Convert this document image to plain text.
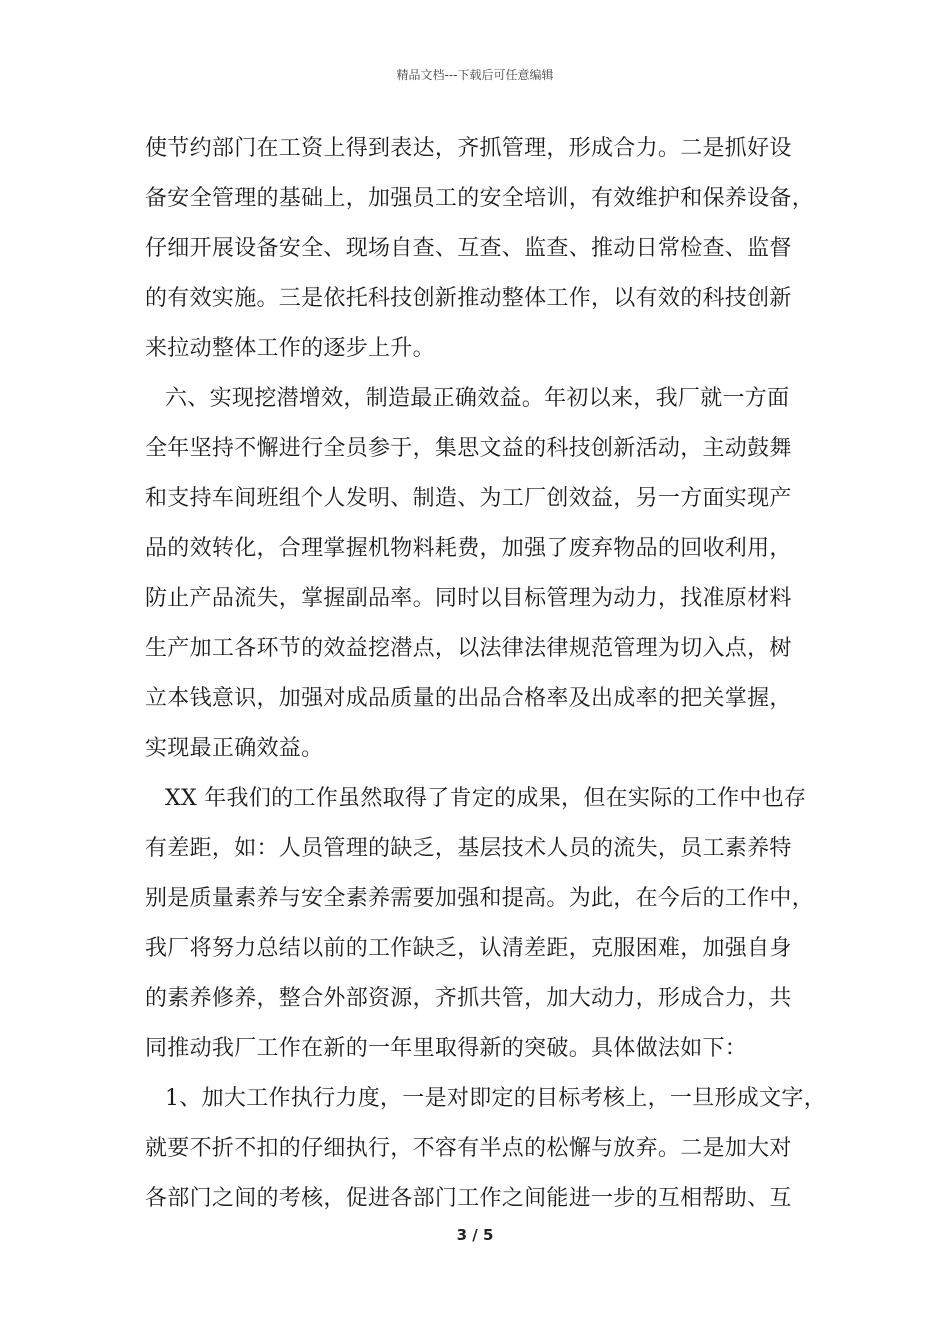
精品文档---下载后可任意编辑
使节约部门在工资上得到表达，齐抓管理，形成合力。二是抓好设
备安全管理的基础上，加强员工的安全培训，有效维护和保养设备，
仔细开展设备安全、现场自查、互查、监查、推动日常检查、监督
的有效实施。三是依托科技创新推动整体工作，以有效的科技创新
来拉动整体工作的逐步上升。
六、实现挖潜增效，制造最正确效益。年初以来，我厂就一方面
全年坚持不懈进行全员参于，集思文益的科技创新活动，主动鼓舞
和支持车间班组个人发明、制造、为工厂创效益，另一方面实现产
品的效转化，合理掌握机物料耗费，加强了废弃物品的回收利用，
防止产品流失，掌握副品率。同时以目标管理为动力，找准原材料
生产加工各环节的效益挖潜点，以法律法律规范管理为切入点，树
立本钱意识，加强对成品质量的出品合格率及出成率的把关掌握，
实现最正确效益。
XX 年我们的工作虽然取得了肯定的成果，但在实际的工作中也存
有差距，如：人员管理的缺乏，基层技术人员的流失，员工素养特
别是质量素养与安全素养需要加强和提高。为此，在今后的工作中，
我厂将努力总结以前的工作缺乏，认清差距，克服困难，加强自身
的素养修养，整合外部资源，齐抓共管，加大动力，形成合力，共
同推动我厂工作在新的一年里取得新的突破。具体做法如下：
1、加大工作执行力度，一是对即定的目标考核上，一旦形成文字，
就要不折不扣的仔细执行，不容有半点的松懈与放弃。二是加大对
各部门之间的考核，促进各部门工作之间能进一步的互相帮助、互
3 / 5
